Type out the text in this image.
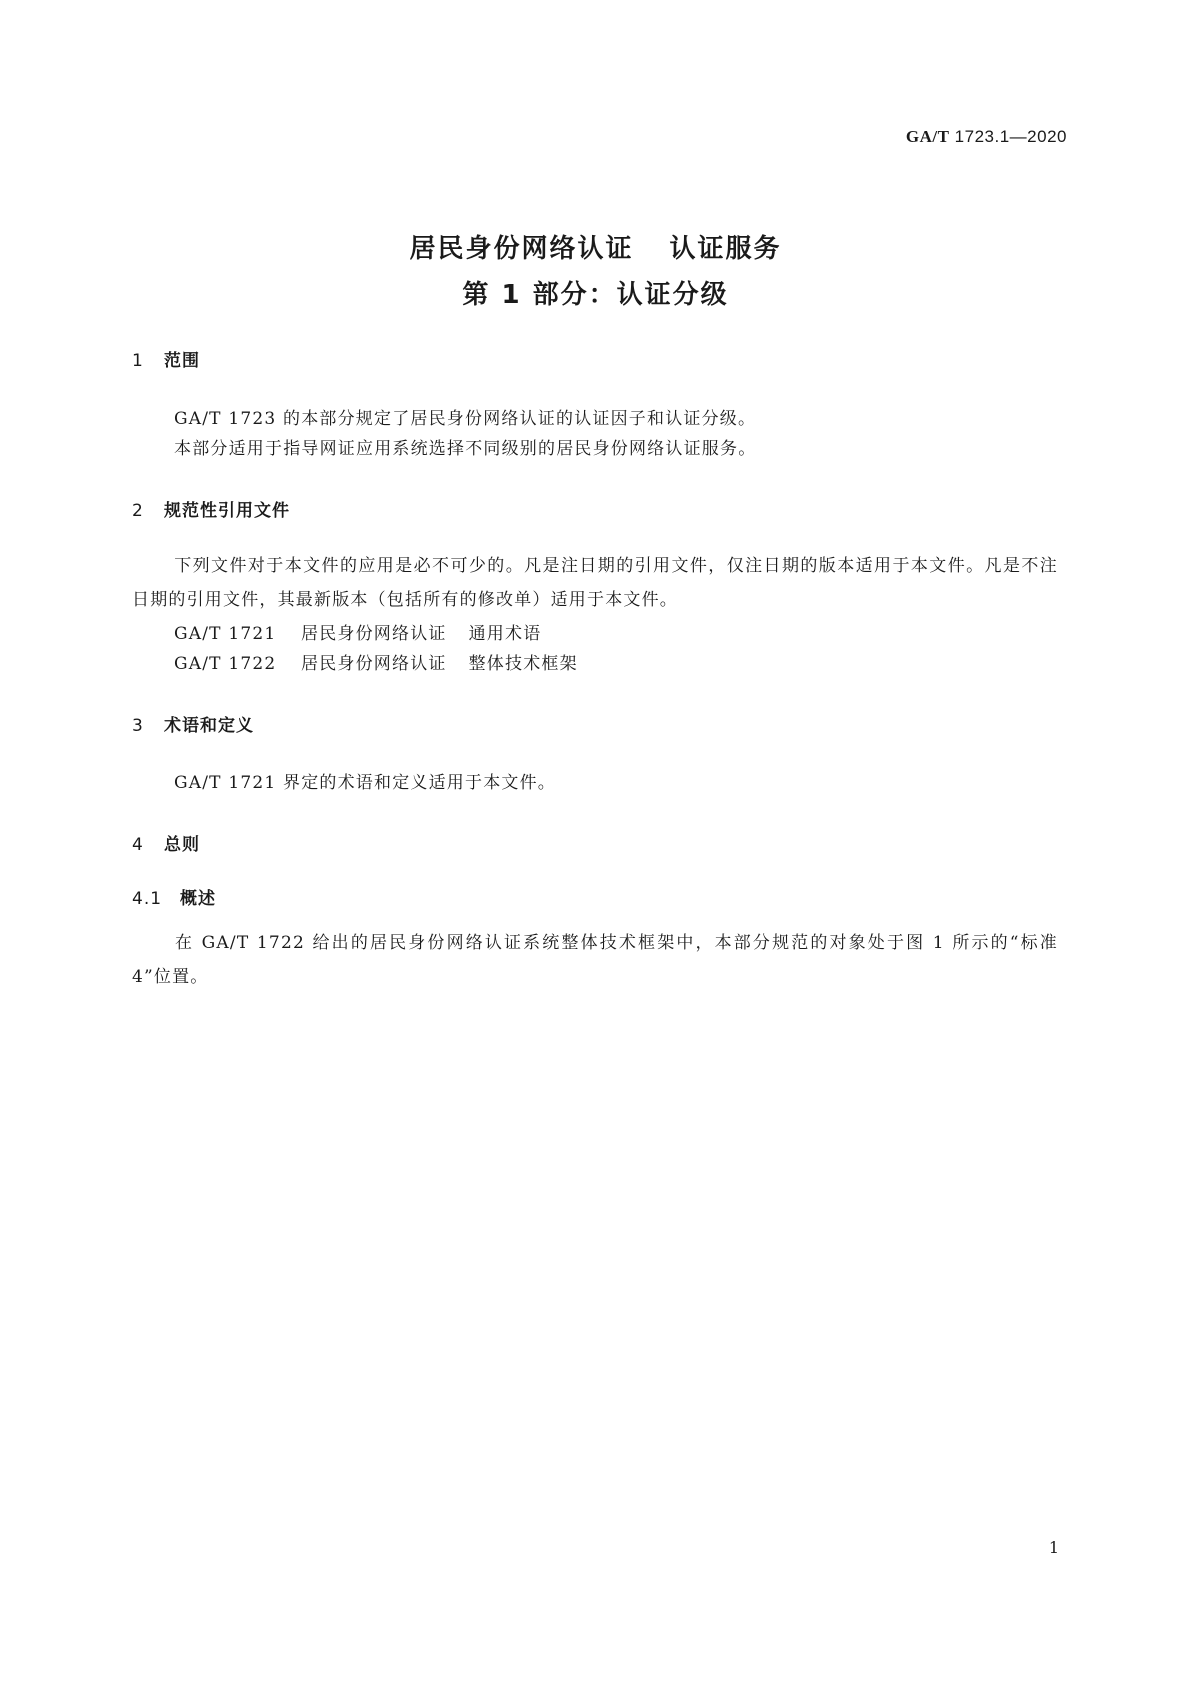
GA/T 1723.1—2020
居民身份网络认证 认证服务
第 1 部分：认证分级
1 范围
GA/T 1723 的本部分规定了居民身份网络认证的认证因子和认证分级。
本部分适用于指导网证应用系统选择不同级别的居民身份网络认证服务。
2 规范性引用文件
下列文件对于本文件的应用是必不可少的。凡是注日期的引用文件，仅注日期的版本适用于本文件。凡是不注日期的引用文件，其最新版本（包括所有的修改单）适用于本文件。
GA/T 1721 居民身份网络认证 通用术语
GA/T 1722 居民身份网络认证 整体技术框架
3 术语和定义
GA/T 1721 界定的术语和定义适用于本文件。
4 总则
4.1 概述
在 GA/T 1722 给出的居民身份网络认证系统整体技术框架中，本部分规范的对象处于图 1 所示的“标准 4”位置。
1
